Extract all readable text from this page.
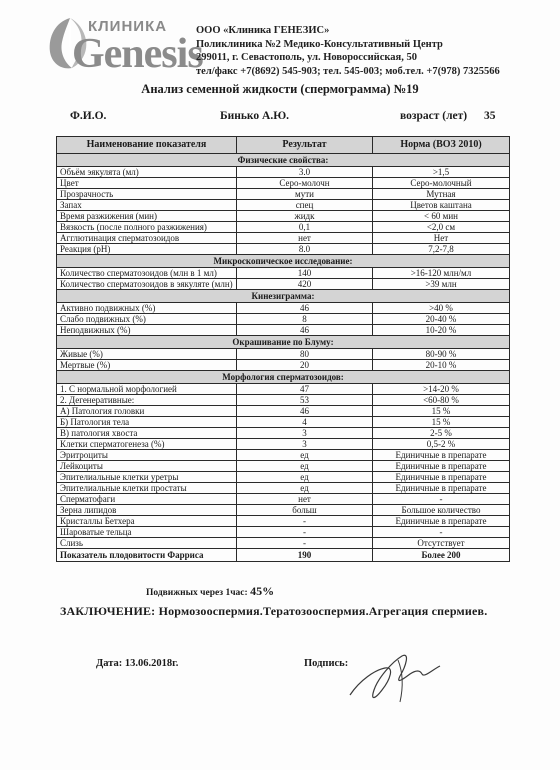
КЛИНИКА
Genesis
ООО «Клиника ГЕНЕЗИС»
Поликлиника №2 Медико-Консультативный Центр
299011, г. Севастополь, ул. Новороссийская, 50
тел/факс +7(8692) 545-903; тел. 545-003; моб.тел. +7(978) 7325566
Анализ семенной жидкости (спермограмма) №19
Ф.И.О.	Бинько А.Ю.	возраст (лет) 35
Наименование показателя	Результат	Норма (ВОЗ 2010)
Физические свойства:		
Объём эякулята (мл)	3.0	>1,5
Цвет	Серо-молочн	Серо-молочный
Прозрачность	мути	Мутная
Запах	спец	Цветов каштана
Время разжижения (мин)	жидк	< 60 мин
Вязкость (после полного разжижения)	0,1	<2,0 см
Агглютинация сперматозоидов	нет	Нет
Реакция (pH)	8.0	7,2-7,8
Микроскопическое исследование:		
Количество сперматозоидов (млн в 1 мл)	140	>16-120 млн/мл
Количество сперматозоидов в эякуляте (млн)	420	>39 млн
Кинезиграмма:		
Активно подвижных (%)	46	>40 %
Слабо подвижных (%)	8	20-40 %
Неподвижных (%)	46	10-20 %
Окрашивание по Блуму:		
Живые (%)	80	80-90 %
Мертвые (%)	20	20-10 %
Морфология сперматозоидов:		
1. С нормальной морфологией	47	>14-20 %
2. Дегенеративные:	53	<60-80 %
А) Патология головки	46	15 %
Б) Патология тела	4	15 %
В) патология хвоста	3	2-5 %
Клетки сперматогенеза (%)	3	0,5-2 %
Эритроциты	ед	Единичные в препарате
Лейкоциты	ед	Единичные в препарате
Эпителиальные клетки уретры	ед	Единичные в препарате
Эпителиальные клетки простаты	ед	Единичные в препарате
Сперматофаги	нет	-
Зерна липидов	больш	Большое количество
Кристаллы Бетхера	-	Единичные в препарате
Шароватые тельца	-	-
Слизь	-	Отсутствует
Показатель плодовитости Фарриса	190	Более 200
Подвижных через 1час: 45%
ЗАКЛЮЧЕНИЕ: Нормозооспермия.Тератозооспермия.Агрегация спермиев.
Дата: 13.06.2018г.	Подпись:
